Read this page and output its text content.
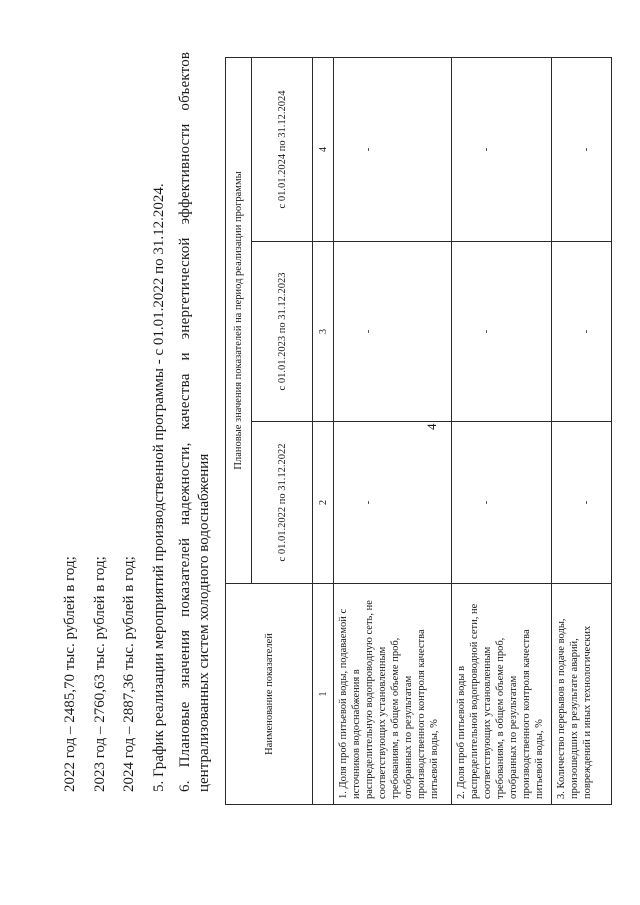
4
2022 год – 2485,70 тыс. рублей в год; 2023 год – 2760,63 тыс. рублей в год; 2024 год – 2887,36 тыс. рублей в год; 5. График реализации мероприятий производственной программы - с 01.01.2022 по 31.12.2024. 6. Плановые значения показателей надежности, качества и энергетической эффективности объектов централизованных систем холодного водоснабжения	Наименование показателей	Плановые значения показателей на период реализации программы		
	с 01.01.2022 по 31.12.2022	с 01.01.2023 по 31.12.2023	с 01.01.2024 по 31.12.2024
1	2	3	4
1. Доля проб питьевой воды, подаваемой с источников водоснабжения в распределительную водопроводную сеть, не соответствующих установленным требованиям, в общем объеме проб, отобранных по результатам производственного контроля качества питьевой воды, %	-	-	-
2. Доля проб питьевой воды в распределительной водопроводной сети, не соответствующих установленным требованиям, в общем объеме проб, отобранных по результатам производственного контроля качества питьевой воды, %	-	-	-
3. Количество перерывов в подаче воды, произошедших в результате аварий, повреждений и иных технологических	-	-	-
